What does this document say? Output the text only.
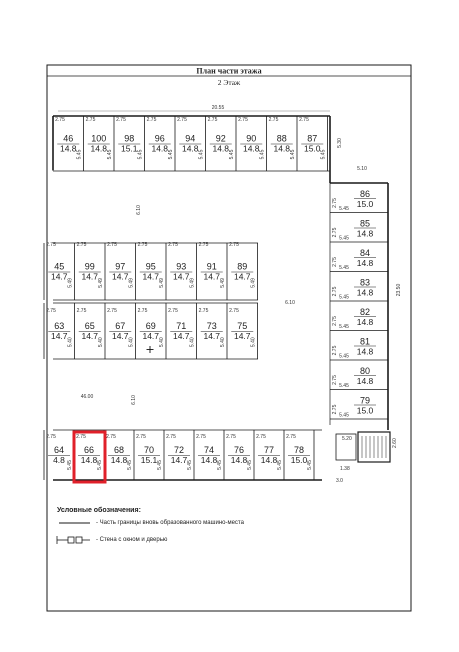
План части этажа
2 Этаж
20.55
6.10
6.10
6.10
46.00
23.50
5.10
5.30
46
14.8
2.75
5.45
100
14.8
2.75
5.45
98
15.1
2.75
5.45
96
14.8
2.75
5.45
94
14.8
2.75
5.45
92
14.8
2.75
5.45
90
14.8
2.75
5.45
88
14.8
2.75
5.45
87
15.0
2.75
5.45
45
14.7
2.75
5.49
99
14.7
2.75
5.49
97
14.7
2.75
5.49
95
14.7
2.75
5.49
93
14.7
2.75
5.49
91
14.7
2.75
5.49
89
14.7
2.75
5.49
63
14.7
2.75
5.40
65
14.7
2.75
5.40
67
14.7
2.75
5.40
69
14.7
2.75
5.40
71
14.7
2.75
5.40
73
14.7
2.75
5.40
75
14.7
2.75
5.40
64
4.8
2.75
5.45
66
14.8
2.75
5.45
68
14.8
2.75
5.45
70
15.1
2.75
5.45
72
14.7
2.75
5.45
74
14.8
2.75
5.45
76
14.8
2.75
5.45
77
14.8
2.75
5.45
78
15.0
2.75
5.45
86
15.0
2.75
5.45
85
14.8
2.75
5.45
84
14.8
2.75
5.45
83
14.8
2.75
5.45
82
14.8
2.75
5.45
81
14.8
2.75
5.45
80
14.8
2.75
5.45
79
15.0
2.75
5.45
5.20	2.60
1.38
3.0
Условные обозначения:
- Часть границы вновь образованного машино-места
- Стена с окном и дверью
